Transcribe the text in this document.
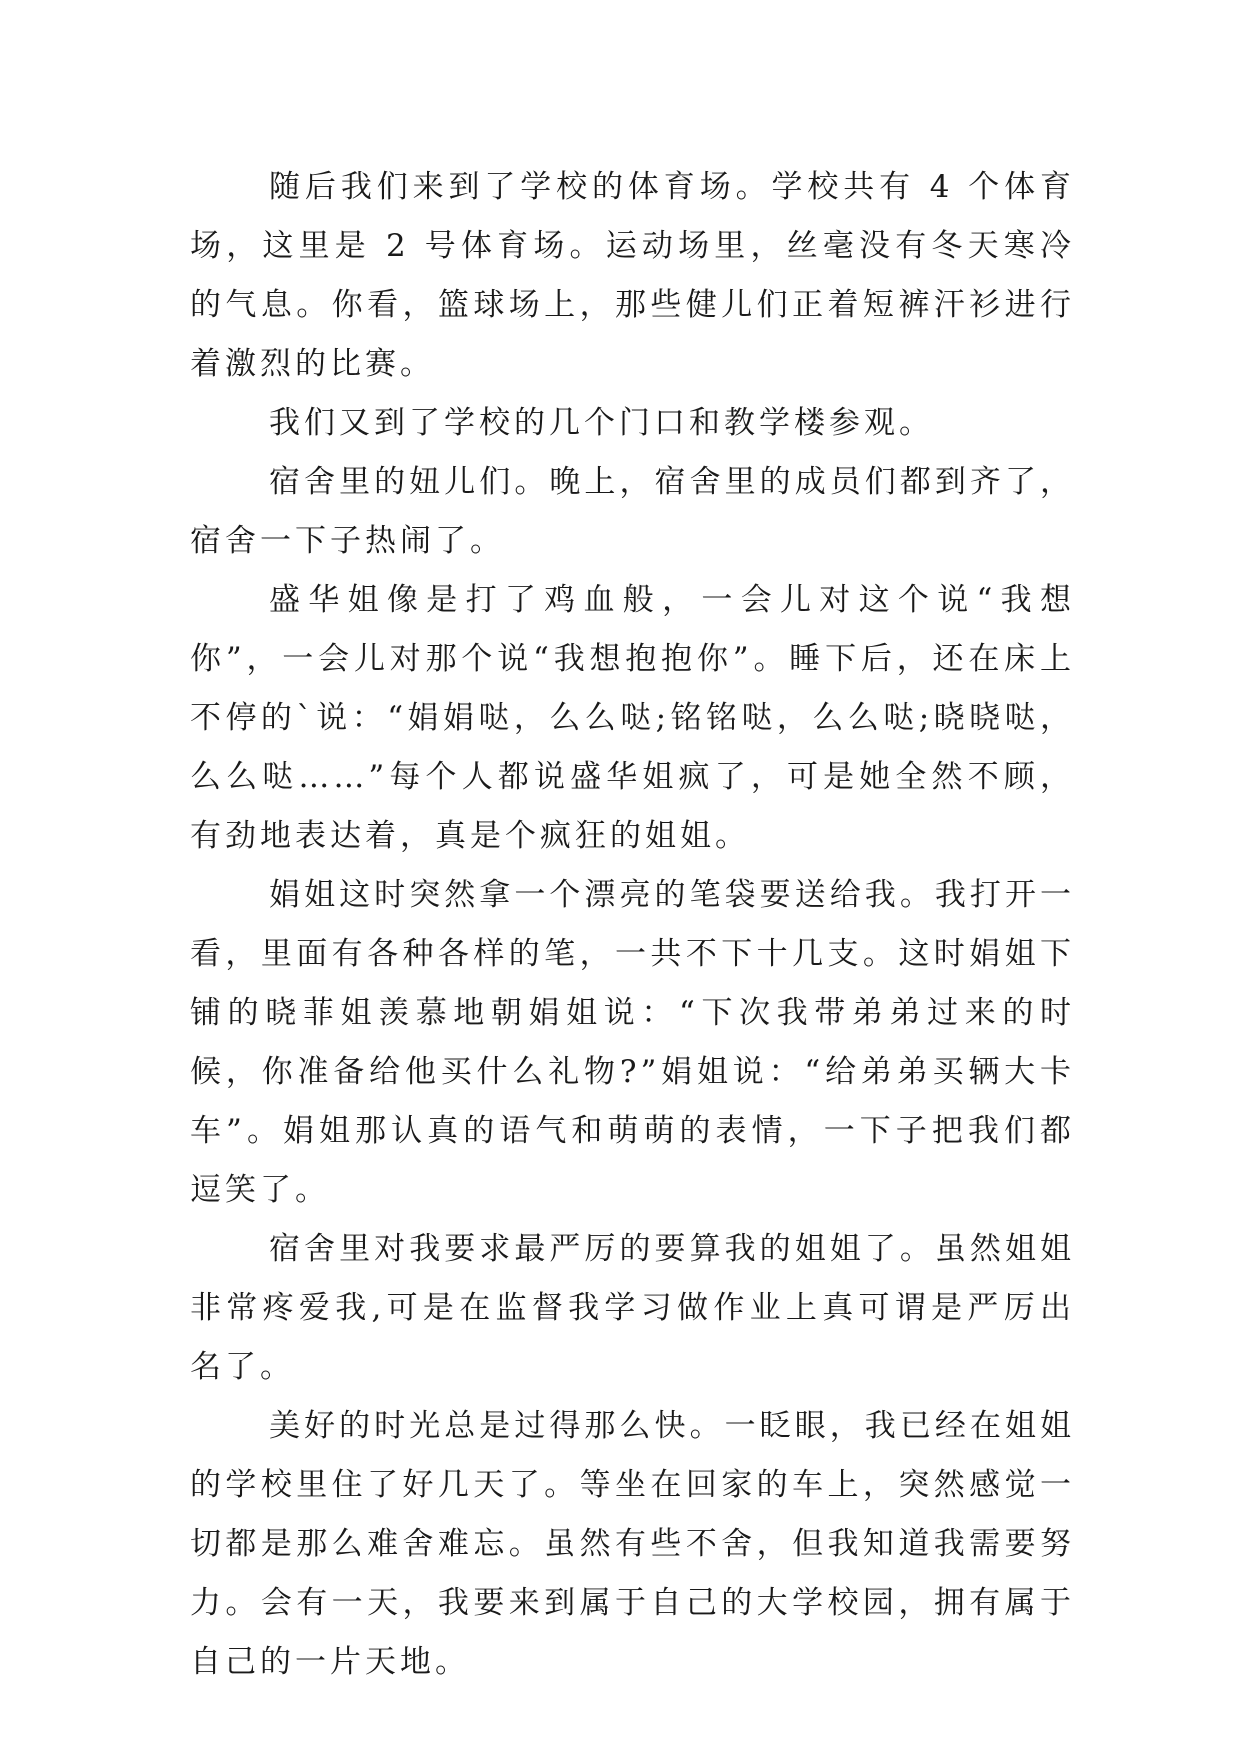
随后我们来到了学校的体育场。学校共有 4 个体育场，这里是 2 号体育场。运动场里，丝毫没有冬天寒冷的气息。你看，篮球场上，那些健儿们正着短裤汗衫进行着激烈的比赛。

我们又到了学校的几个门口和教学楼参观。

宿舍里的妞儿们。晚上，宿舍里的成员们都到齐了，宿舍一下子热闹了。

盛华姐像是打了鸡血般，一会儿对这个说“我想你”，一会儿对那个说“我想抱抱你”。睡下后，还在床上不停的`说：“娟娟哒，么么哒;铭铭哒，么么哒;晓晓哒，么么哒……”每个人都说盛华姐疯了，可是她全然不顾，有劲地表达着，真是个疯狂的姐姐。

娟姐这时突然拿一个漂亮的笔袋要送给我。我打开一看，里面有各种各样的笔，一共不下十几支。这时娟姐下铺的晓菲姐羡慕地朝娟姐说：“下次我带弟弟过来的时候，你准备给他买什么礼物?”娟姐说：“给弟弟买辆大卡车”。娟姐那认真的语气和萌萌的表情，一下子把我们都逗笑了。

宿舍里对我要求最严厉的要算我的姐姐了。虽然姐姐非常疼爱我,可是在监督我学习做作业上真可谓是严厉出名了。

美好的时光总是过得那么快。一眨眼，我已经在姐姐的学校里住了好几天了。等坐在回家的车上，突然感觉一切都是那么难舍难忘。虽然有些不舍，但我知道我需要努力。会有一天，我要来到属于自己的大学校园，拥有属于自己的一片天地。
